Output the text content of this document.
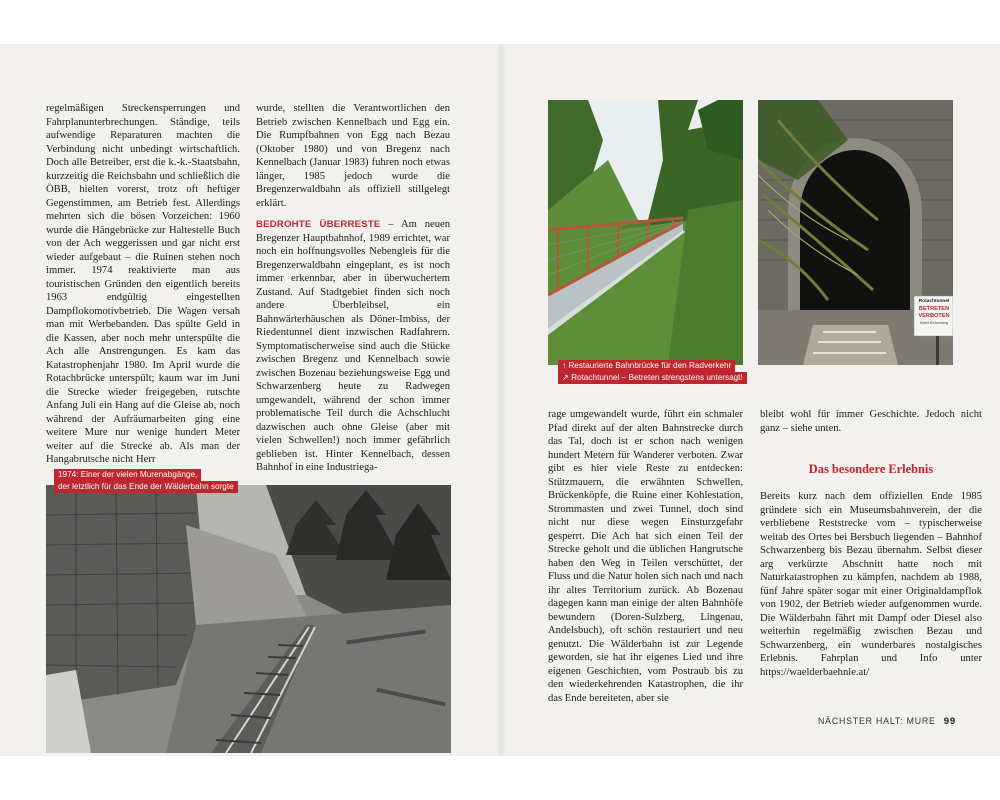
regelmäßigen Streckensperrungen und Fahrplanunterbrechungen. Ständige, teils aufwendige Reparaturen machten die Verbindung nicht unbedingt wirtschaftlich. Doch alle Betreiber, erst die k.-k.-Staatsbahn, kurzzeitig die Reichsbahn und schließlich die ÖBB, hielten vorerst, trotz oft heftiger Gegenstimmen, am Betrieb fest. Allerdings mehrten sich die bösen Vorzeichen: 1960 wurde die Hängebrücke zur Haltestelle Buch von der Ach weggerissen und gar nicht erst wieder aufgebaut – die Ruinen stehen noch immer. 1974 reaktivierte man aus touristischen Gründen den eigentlich bereits 1963 endgültig eingestellten Dampflokomotivbetrieb. Die Wagen versah man mit Werbebanden. Das spülte Geld in die Kassen, aber noch mehr unterspülte die Ach alle Anstrengungen. Es kam das Katastrophenjahr 1980. Im April wurde die Rotachbrücke unterspült; kaum war im Juni die Strecke wieder freigegeben, rutschte Anfang Juli ein Hang auf die Gleise ab, noch während der Aufräumarbeiten ging eine weitere Mure nur wenige hundert Meter weiter auf die Strecke ab. Als man der Hangabrutsche nicht Herr

wurde, stellten die Verantwortlichen den Betrieb zwischen Kennelbach und Egg ein. Die Rumpfbahnen von Egg nach Bezau (Oktober 1980) und von Bregenz nach Kennelbach (Januar 1983) fuhren noch etwas länger, 1985 jedoch wurde die Bregenzerwaldbahn als offiziell stillgelegt erklärt.

BEDROHTE ÜBERRESTE – Am neuen Bregenzer Hauptbahnhof, 1989 errichtet, war noch ein hoffnungsvolles Nebengleis für die Bregenzerwaldbahn eingeplant, es ist noch immer erkennbar, aber in überwuchertem Zustand. Auf Stadtgebiet finden sich noch andere Überbleibsel, ein Bahnwärterhäuschen als Döner-Imbiss, der Riedentunnel dient inzwischen Radfahrern. Symptomatischerweise sind auch die Stücke zwischen Bregenz und Kennelbach sowie zwischen Bozenau beziehungsweise Egg und Schwarzenberg heute zu Radwegen umgewandelt, während der schon immer problematische Teil durch die Achschlucht dazwischen auch ohne Gleise (aber mit vielen Schwellen!) noch immer gefährlich geblieben ist. Hinter Kennelbach, dessen Bahnhof in eine Industriega-

1974: Einer der vielen Murenabgänge,
der letztlich für das Ende der Wälderbahn sorgte
Rotachtunnel
BETRETEN
VERBOTEN
Markt Eichenberg
↑ Restaurierte Bahnbrücke für den Radverkehr
↗ Rotachtunnel – Betreten strengstens untersagt!

rage umgewandelt wurde, führt ein schmaler Pfad direkt auf der alten Bahnstrecke durch das Tal, doch ist er schon nach wenigen hundert Metern für Wanderer verboten. Zwar gibt es hier viele Reste zu entdecken: Stützmauern, die erwähnten Schwellen, Brückenköpfe, die Ruine einer Kohlestation, Strommasten und zwei Tunnel, doch sind nicht nur diese wegen Einsturzgefahr gesperrt. Die Ach hat sich einen Teil der Strecke geholt und die üblichen Hangrutsche haben den Weg in Teilen verschüttet, der Fluss und die Natur holen sich nach und nach ihr altes Territorium zurück. Ab Bozenau dagegen kann man einige der alten Bahnhöfe bewundern (Doren-Sulzberg, Lingenau, Andelsbuch), oft schön restauriert und neu genutzt. Die Wälderbahn ist zur Legende geworden, sie hat ihr eigenes Lied und ihre eigenen Geschichten, vom Postraub bis zu den wiederkehrenden Katastrophen, die ihr das Ende bereiteten, aber sie

bleibt wohl für immer Geschichte. Jedoch nicht ganz – siehe unten.

Das besondere Erlebnis

Bereits kurz nach dem offiziellen Ende 1985 gründete sich ein Museumsbahnverein, der die verbliebene Reststrecke vom – typischerweise weitab des Ortes bei Bersbuch liegenden – Bahnhof Schwarzenberg bis Bezau übernahm. Selbst dieser arg verkürzte Abschnitt hatte noch mit Naturkatastrophen zu kämpfen, nachdem ab 1988, fünf Jahre später sogar mit einer Originaldampflok von 1902, der Betrieb wieder aufgenommen wurde. Die Wälderbahn fährt mit Dampf oder Diesel also weiterhin regelmäßig zwischen Bezau und Schwarzenberg, ein wunderbares nostalgisches Erlebnis. Fahrplan und Info unter https://waelderbaehnle.at/

NÄCHSTER HALT: MURE 99
